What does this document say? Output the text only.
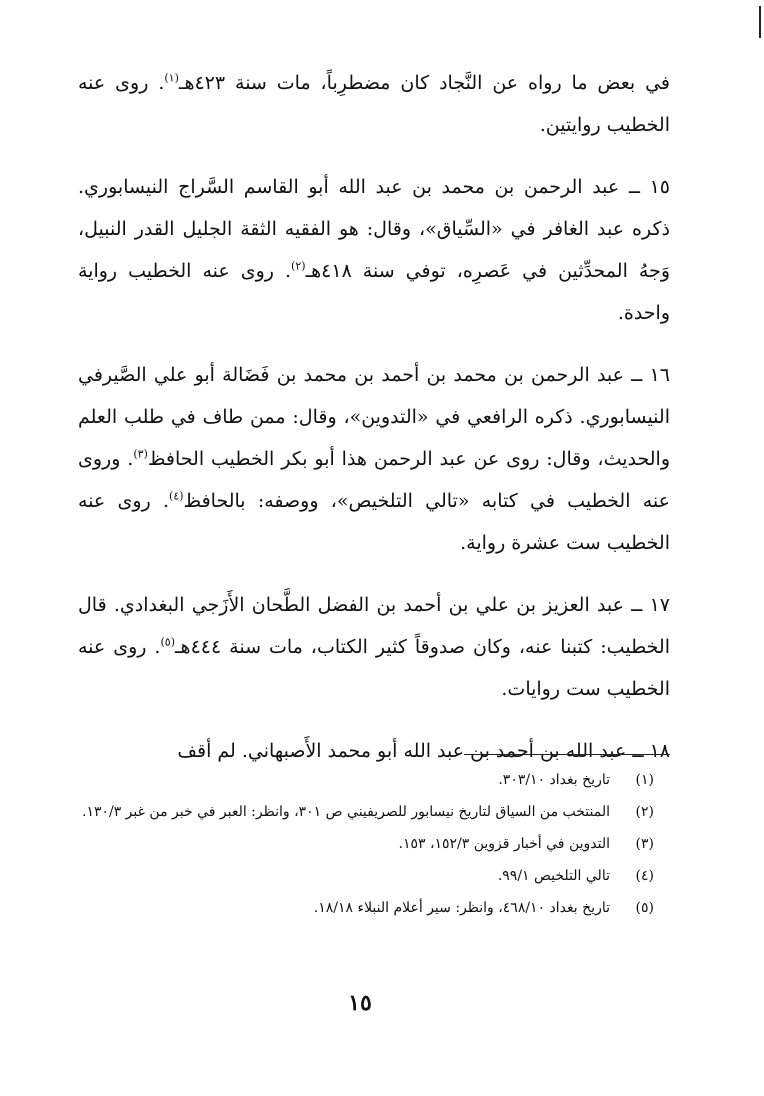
في بعض ما رواه عن النَّجاد كان مضطرِباً، مات سنة ٤٢٣هـ$^{(١)}$. روى عنه الخطيب روايتين.

١٥ ــ عبد الرحمن بن محمد بن عبد الله أبو القاسم السَّراج النيسابوري. ذكره عبد الغافر في «السِّياق»، وقال: هو الفقيه الثقة الجليل القدر النبيل، وَجهُ المحدِّثين في عَصرِه، توفي سنة ٤١٨هـ$^{(٢)}$. روى عنه الخطيب رواية واحدة.

١٦ ــ عبد الرحمن بن محمد بن أحمد بن محمد بن فَضَالة أبو علي الصَّيرفي النيسابوري. ذكره الرافعي في «التدوين»، وقال: ممن طاف في طلب العلم والحديث، وقال: روى عن عبد الرحمن هذا أبو بكر الخطيب الحافظ$^{(٣)}$. وروى عنه الخطيب في كتابه «تالي التلخيص»، ووصفه: بالحافظ$^{(٤)}$. روى عنه الخطيب ست عشرة رواية.

١٧ ــ عبد العزيز بن علي بن أحمد بن الفضل الطَّحان الأَزَجي البغدادي. قال الخطيب: كتبنا عنه، وكان صدوقاً كثير الكتاب، مات سنة ٤٤٤هـ$^{(٥)}$. روى عنه الخطيب ست روايات.

١٨ ــ عبد الله بن أحمد بن عبد الله أبو محمد الأَصبهاني. لم أقف

(١)
تاريخ بغداد ٣٠٣/١٠.
(٢)
المنتخب من السياق لتاريخ نيسابور للصريفيني ص ٣٠١، وانظر: العبر في خبر من غبر ١٣٠/٣.
(٣)
التدوين في أخبار قزوين ١٥٢/٣، ١٥٣.
(٤)
تالي التلخيص ٩٩/١.
(٥)
تاريخ بغداد ٤٦٨/١٠، وانظر: سير أعلام النبلاء ١٨/١٨.
١٥
